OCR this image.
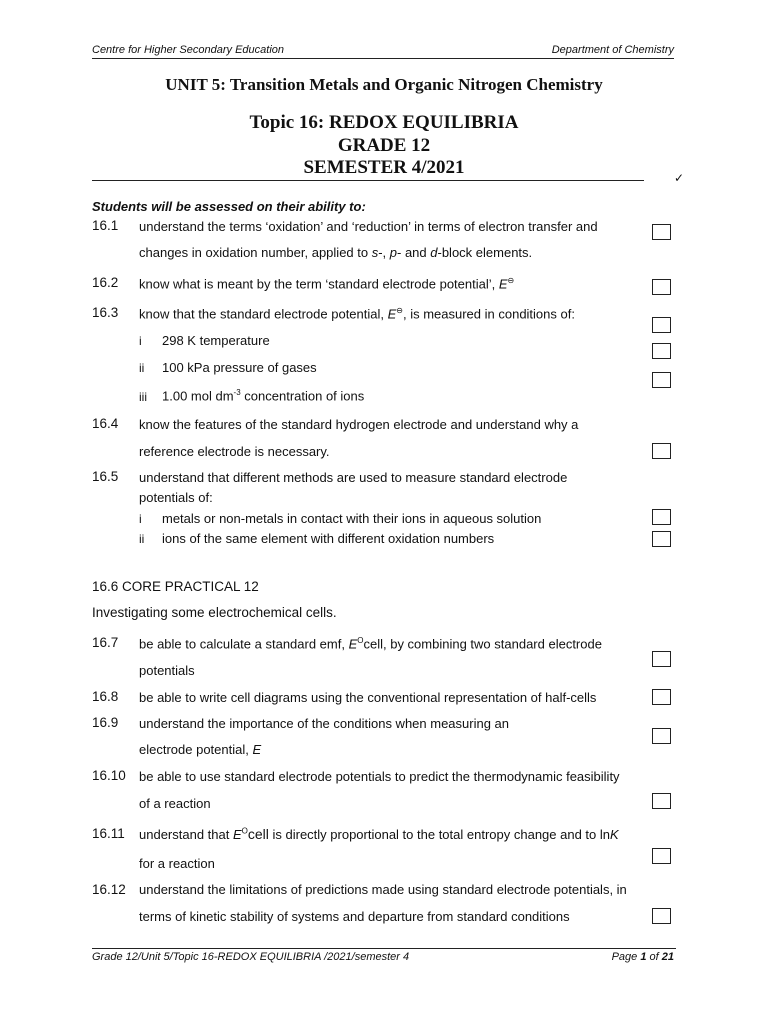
Centre for Higher Secondary Education	Department of Chemistry
UNIT 5: Transition Metals and Organic Nitrogen Chemistry
Topic 16: REDOX EQUILIBRIA
GRADE 12
SEMESTER 4/2021	✓
Students will be assessed on their ability to:
16.1 understand the terms ‘oxidation’ and ‘reduction’ in terms of electron transfer and
changes in oxidation number, applied to s-, p- and d-block elements.
16.2 know what is meant by the term ‘standard electrode potential’, E⊖
16.3 know that the standard electrode potential, E⊖, is measured in conditions of:
i 298 K temperature
ii 100 kPa pressure of gases
iii 1.00 mol $dm^{-3}$ concentration of ions
16.4 know the features of the standard hydrogen electrode and understand why a
reference electrode is necessary.
16.5 understand that different methods are used to measure standard electrode
potentials of:
i metals or non-metals in contact with their ions in aqueous solution
ii ions of the same element with different oxidation numbers
16.6 CORE PRACTICAL 12
Investigating some electrochemical cells.
16.7 be able to calculate a standard emf, $E^Ocell$, by combining two standard electrode
potentials
16.8 be able to write cell diagrams using the conventional representation of half-cells
16.9 understand the importance of the conditions when measuring an
electrode potential, E
16.10 be able to use standard electrode potentials to predict the thermodynamic feasibility
of a reaction
16.11 understand that $E^Ocell$ is directly proportional to the total entropy change and to lnK
for a reaction
16.12 understand the limitations of predictions made using standard electrode potentials, in
terms of kinetic stability of systems and departure from standard conditions
Grade 12/Unit 5/Topic 16-REDOX EQUILIBRIA /2021/semester 4	Page 1 of 21
